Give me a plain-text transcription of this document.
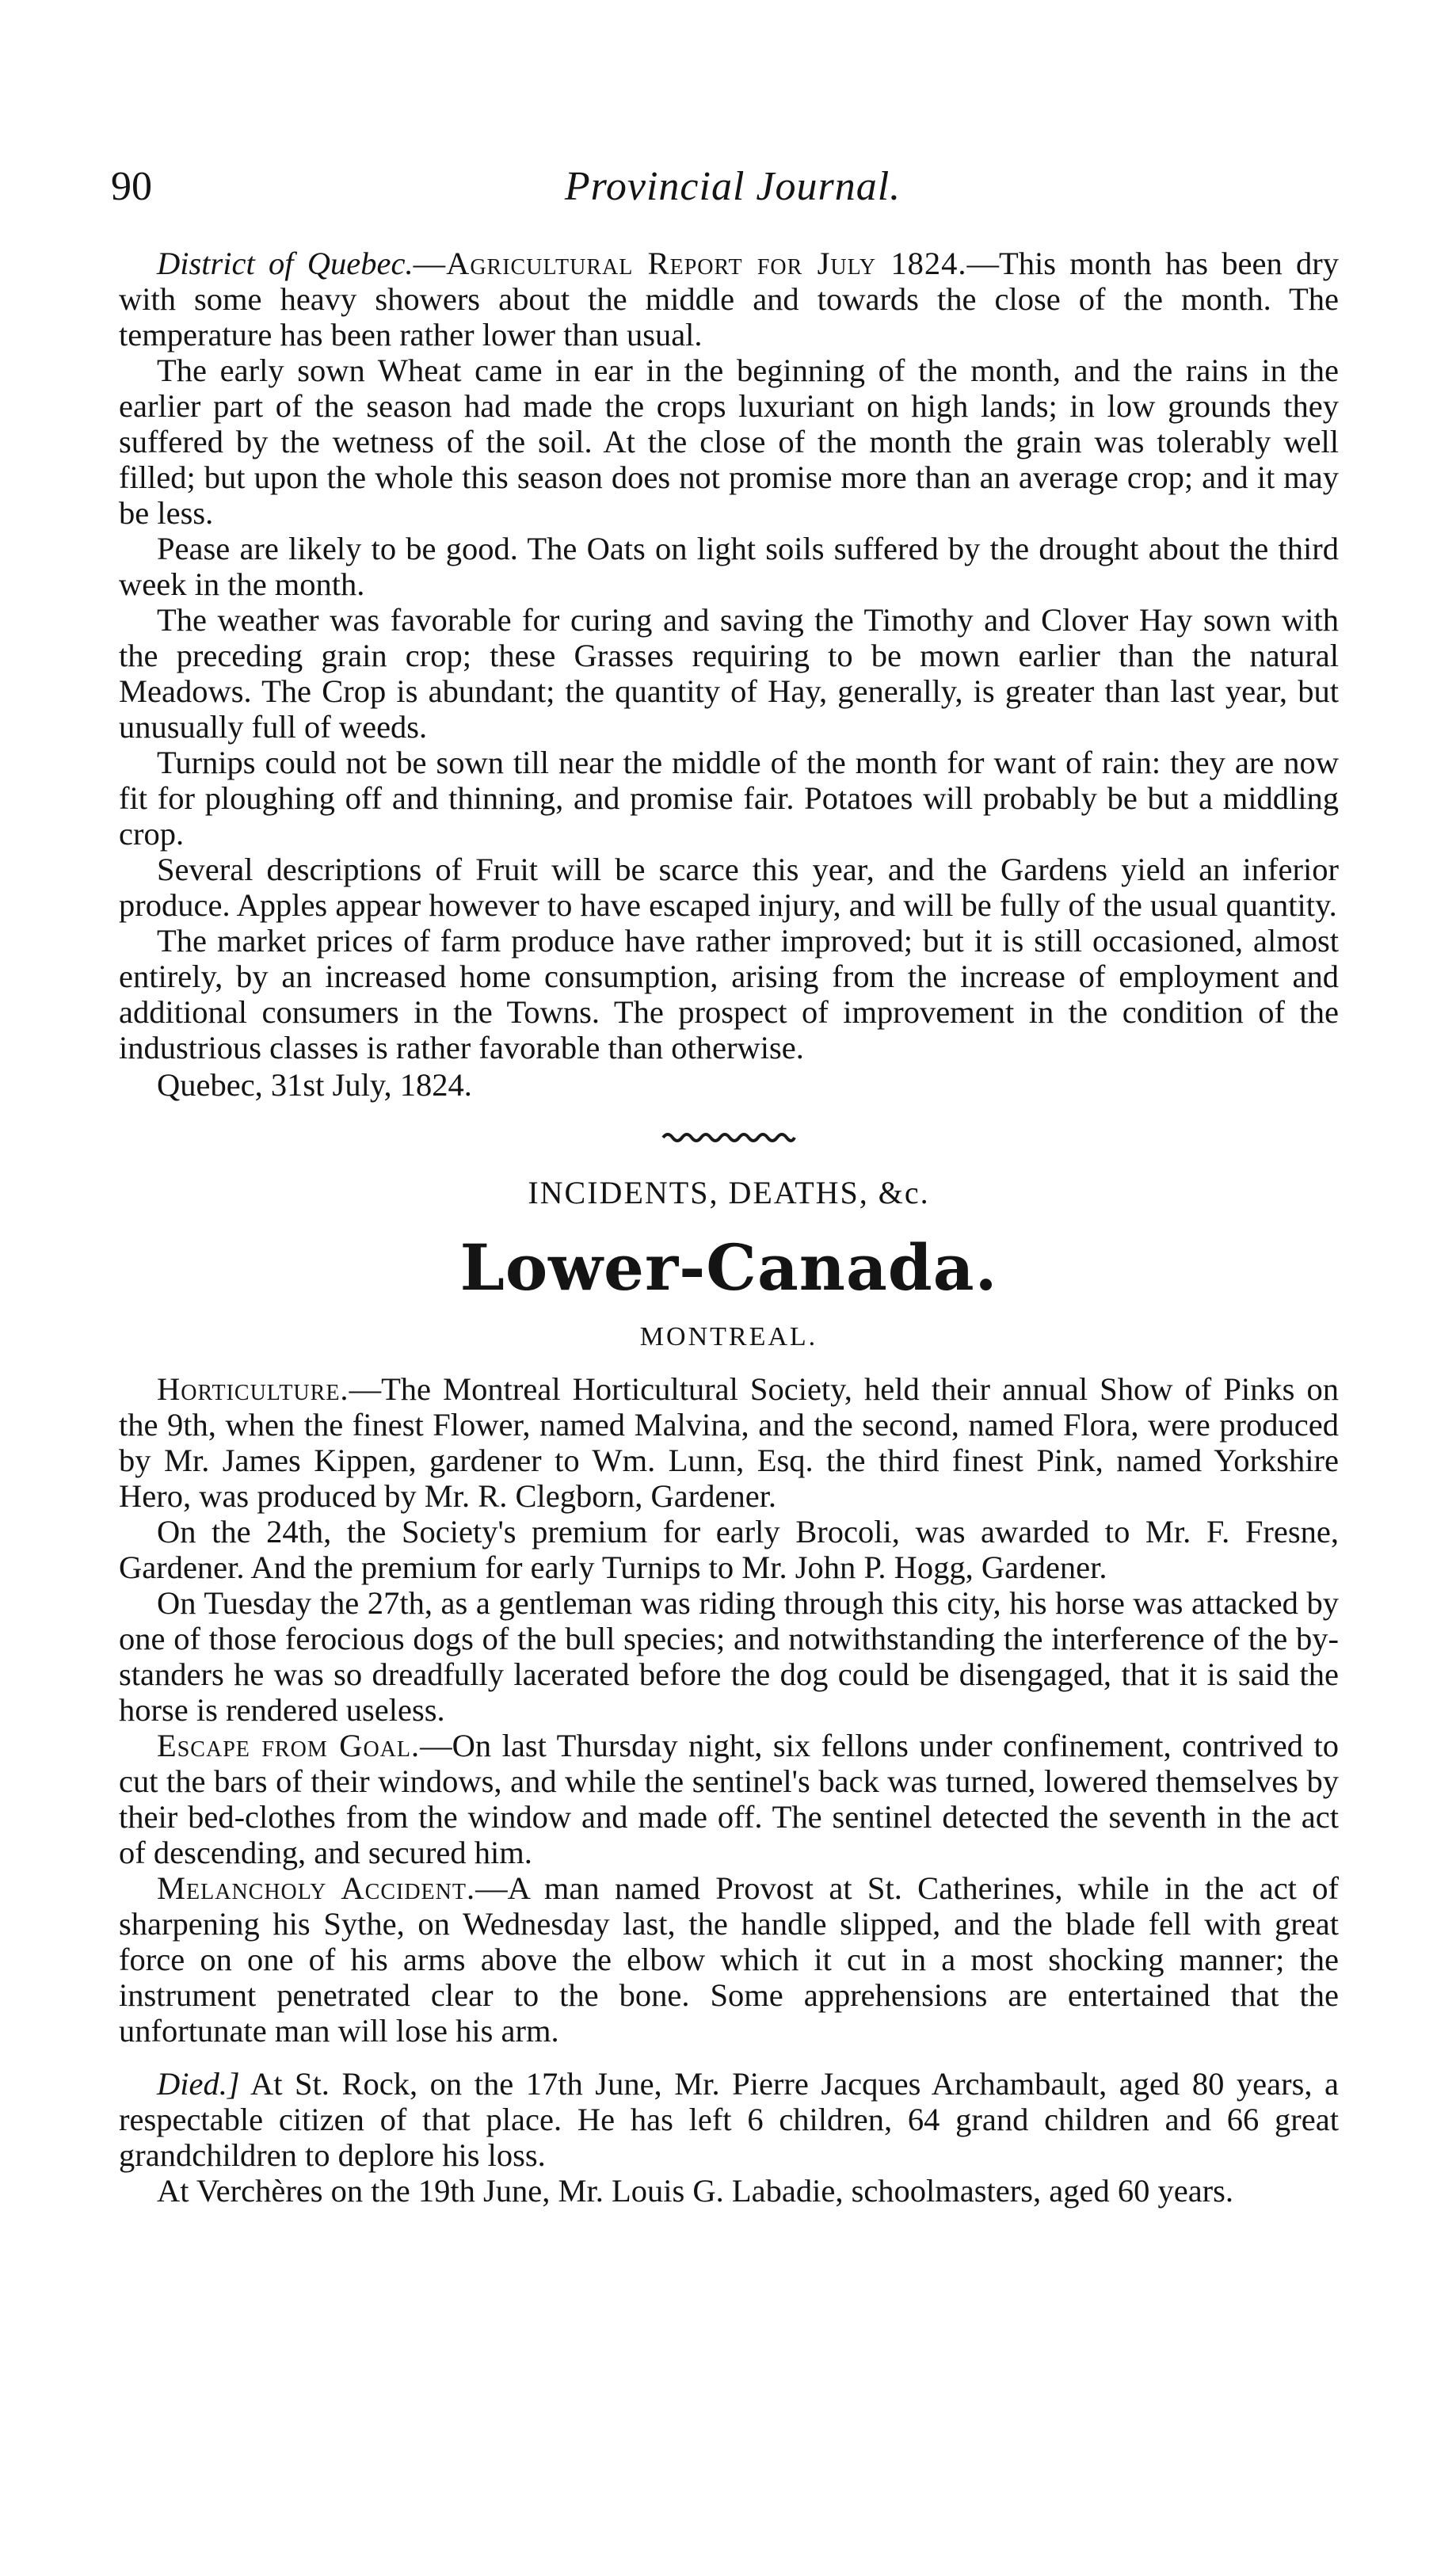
90	Provincial Journal.

District of Quebec.—Agricultural Report for July 1824.—This month has been dry with some heavy showers about the middle and towards the close of the month. The temperature has been rather lower than usual.

The early sown Wheat came in ear in the beginning of the month, and the rains in the earlier part of the season had made the crops luxuriant on high lands; in low grounds they suffered by the wetness of the soil. At the close of the month the grain was tolerably well filled; but upon the whole this season does not promise more than an average crop; and it may be less.

Pease are likely to be good. The Oats on light soils suffered by the drought about the third week in the month.

The weather was favorable for curing and saving the Timothy and Clover Hay sown with the preceding grain crop; these Grasses requiring to be mown earlier than the natural Meadows. The Crop is abundant; the quantity of Hay, generally, is greater than last year, but unusually full of weeds.

Turnips could not be sown till near the middle of the month for want of rain: they are now fit for ploughing off and thinning, and promise fair. Potatoes will probably be but a middling crop.

Several descriptions of Fruit will be scarce this year, and the Gardens yield an inferior produce. Apples appear however to have escaped injury, and will be fully of the usual quantity.

The market prices of farm produce have rather improved; but it is still occasioned, almost entirely, by an increased home consumption, arising from the increase of employment and additional consumers in the Towns. The prospect of improvement in the condition of the industrious classes is rather favorable than otherwise.

Quebec, 31st July, 1824.

INCIDENTS, DEATHS, &c.
Lower-Canada.
MONTREAL.

Horticulture.—The Montreal Horticultural Society, held their annual Show of Pinks on the 9th, when the finest Flower, named Malvina, and the second, named Flora, were produced by Mr. James Kippen, gardener to Wm. Lunn, Esq. the third finest Pink, named Yorkshire Hero, was produced by Mr. R. Clegborn, Gardener.

On the 24th, the Society's premium for early Brocoli, was awarded to Mr. F. Fresne, Gardener. And the premium for early Turnips to Mr. John P. Hogg, Gardener.

On Tuesday the 27th, as a gentleman was riding through this city, his horse was attacked by one of those ferocious dogs of the bull species; and notwithstanding the interference of the by-standers he was so dreadfully lacerated before the dog could be disengaged, that it is said the horse is rendered useless.

Escape from Goal.—On last Thursday night, six fellons under confinement, contrived to cut the bars of their windows, and while the sentinel's back was turned, lowered themselves by their bed-clothes from the window and made off. The sentinel detected the seventh in the act of descending, and secured him.

Melancholy Accident.—A man named Provost at St. Catherines, while in the act of sharpening his Sythe, on Wednesday last, the handle slipped, and the blade fell with great force on one of his arms above the elbow which it cut in a most shocking manner; the instrument penetrated clear to the bone. Some apprehensions are entertained that the unfortunate man will lose his arm.

Died.] At St. Rock, on the 17th June, Mr. Pierre Jacques Archambault, aged 80 years, a respectable citizen of that place. He has left 6 children, 64 grand children and 66 great grandchildren to deplore his loss.

At Verchères on the 19th June, Mr. Louis G. Labadie, schoolmasters, aged 60 years.
